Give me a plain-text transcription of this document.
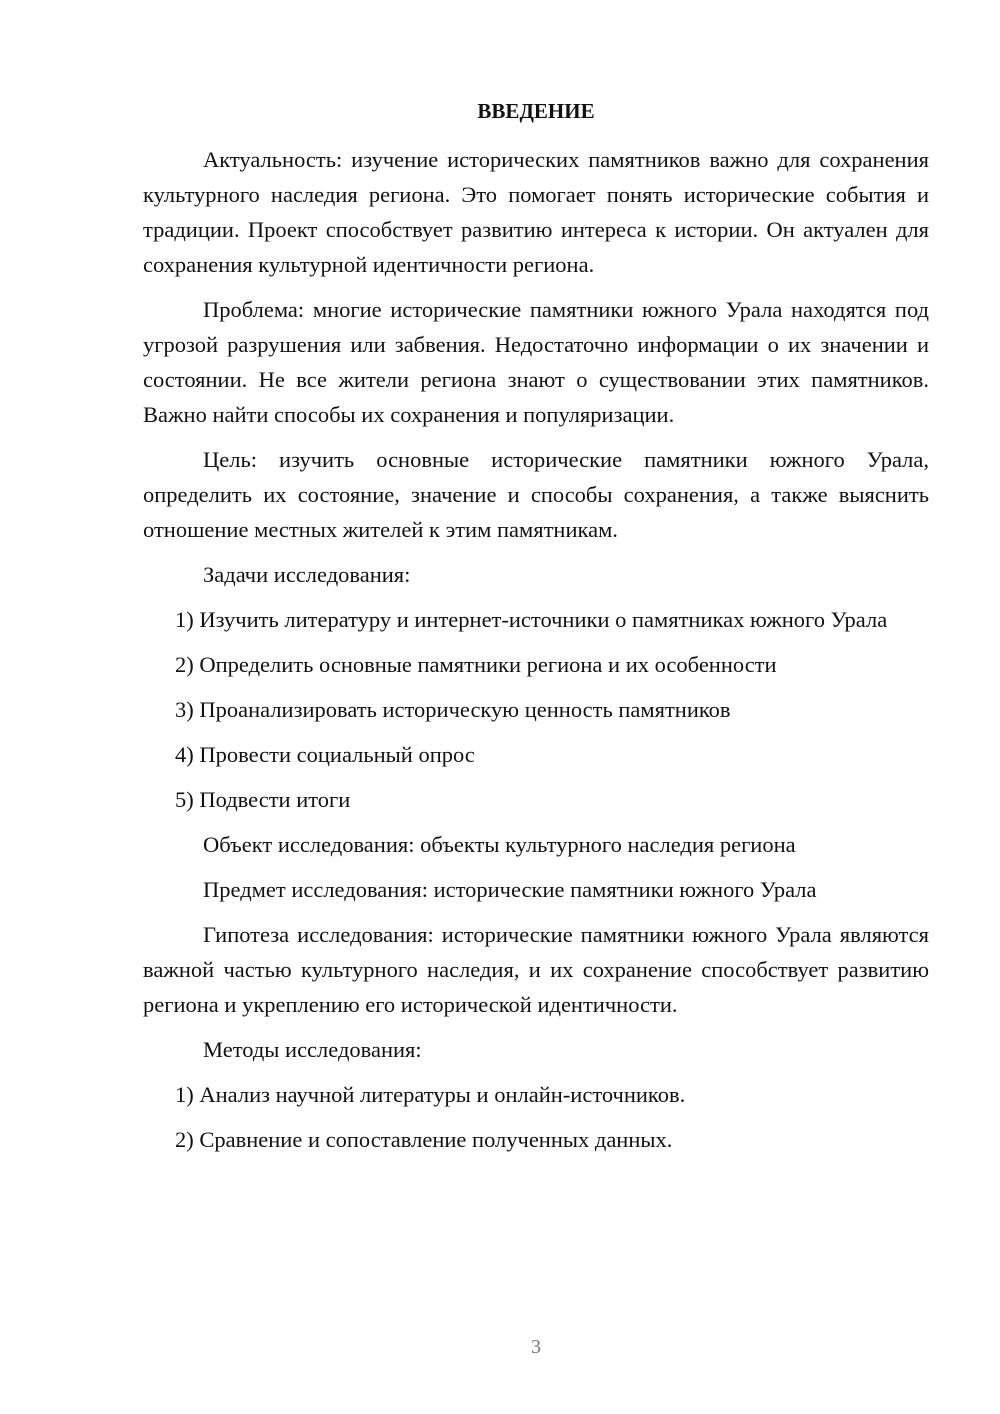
ВВЕДЕНИЕ

Актуальность: изучение исторических памятников важно для сохранения культурного наследия региона. Это помогает понять исторические события и традиции. Проект способствует развитию интереса к истории. Он актуален для сохранения культурной идентичности региона.

Проблема: многие исторические памятники южного Урала находятся под угрозой разрушения или забвения. Недостаточно информации о их значении и состоянии. Не все жители региона знают о существовании этих памятников. Важно найти способы их сохранения и популяризации.

Цель: изучить основные исторические памятники южного Урала, определить их состояние, значение и способы сохранения, а также выяснить отношение местных жителей к этим памятникам.

Задачи исследования:

1) Изучить литературу и интернет-источники о памятниках южного Урала

2) Определить основные памятники региона и их особенности

3) Проанализировать историческую ценность памятников

4) Провести социальный опрос

5) Подвести итоги

Объект исследования: объекты культурного наследия региона

Предмет исследования: исторические памятники южного Урала

Гипотеза исследования: исторические памятники южного Урала являются важной частью культурного наследия, и их сохранение способствует развитию региона и укреплению его исторической идентичности.

Методы исследования:

1) Анализ научной литературы и онлайн-источников.

2) Сравнение и сопоставление полученных данных.

3
